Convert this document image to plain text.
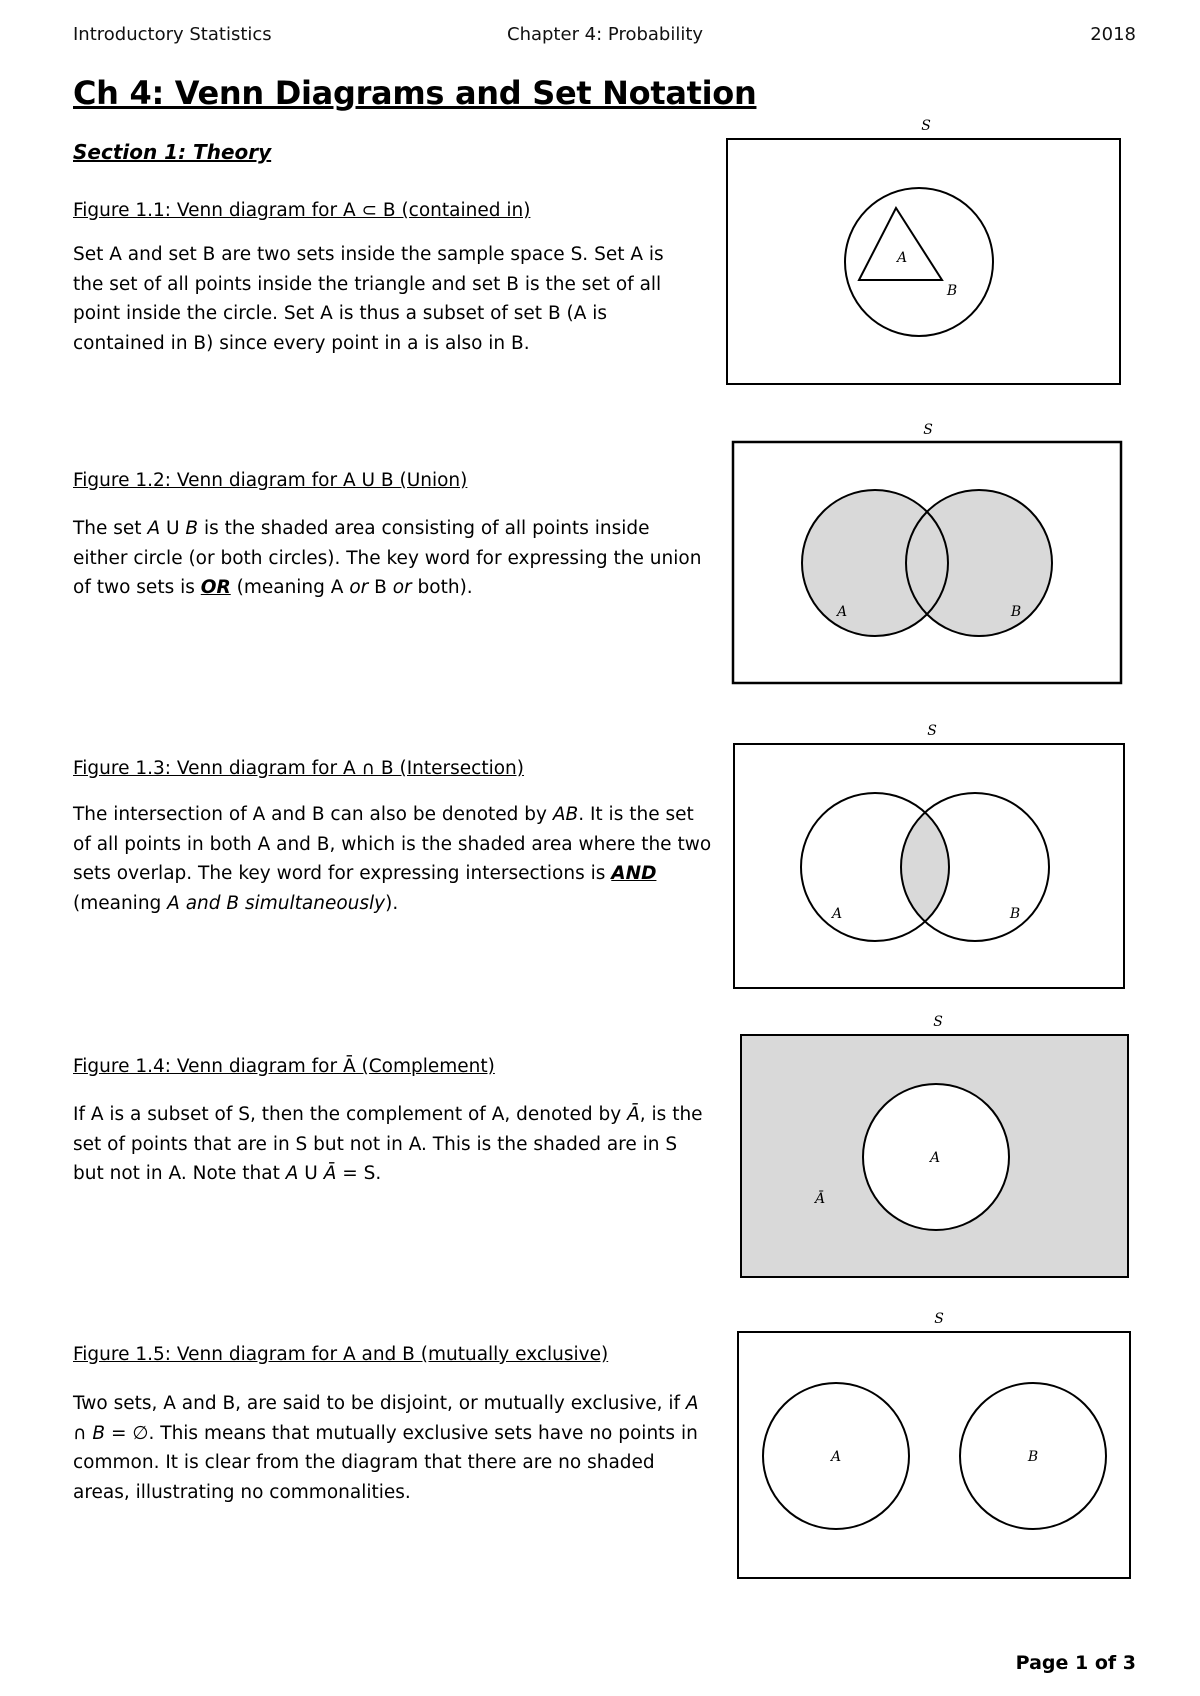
Introductory Statistics	Chapter 4: Probability	2018
Ch 4: Venn Diagrams and Set Notation
Section 1: Theory
Figure 1.1: Venn diagram for A ⊂ B (contained in)

Set A and set B are two sets inside the sample space S. Set A is the set of all points inside the triangle and set B is the set of all point inside the circle. Set A is thus a subset of set B (A is contained in B) since every point in a is also in B.

Figure 1.2: Venn diagram for A U B (Union)

The set A U B is the shaded area consisting of all points inside either circle (or both circles). The key word for expressing the union of two sets is OR (meaning A or B or both).

Figure 1.3: Venn diagram for A ∩ B (Intersection)

The intersection of A and B can also be denoted by AB. It is the set of all points in both A and B, which is the shaded area where the two sets overlap. The key word for expressing intersections is AND (meaning A and B simultaneously).

Figure 1.4: Venn diagram for Ā (Complement)

If A is a subset of S, then the complement of A, denoted by Ā, is the set of points that are in S but not in A. This is the shaded are in S but not in A. Note that A U Ā = S.

Figure 1.5: Venn diagram for A and B (mutually exclusive)

Two sets, A and B, are said to be disjoint, or mutually exclusive, if A ∩ B = ∅. This means that mutually exclusive sets have no points in common. It is clear from the diagram that there are no shaded areas, illustrating no commonalities.

S
A
B
S
A	B
S
A	B
S
A
Ā
S
A	B
Page 1 of 3
